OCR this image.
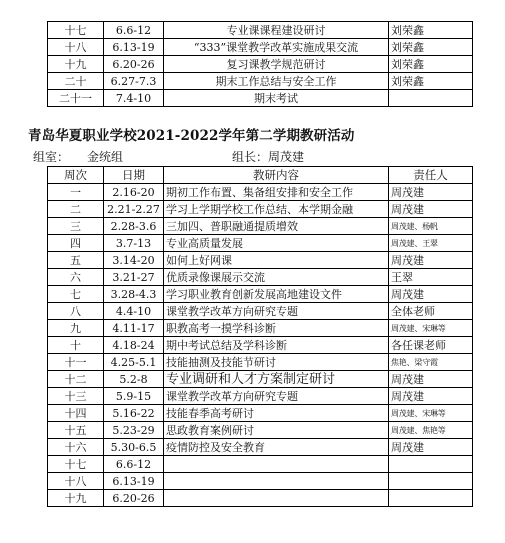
十七	6.6-12	专业课课程建设研讨	刘荣鑫
十八	6.13-19	“333”课堂教学改革实施成果交流	刘荣鑫
十九	6.20-26	复习课教学规范研讨	刘荣鑫
二十	6.27-7.3	期末工作总结与安全工作	刘荣鑫
二十一	7.4-10	期末考试	
青岛华夏职业学校2021-2022学年第二学期教研活动
组室： 金统组	组长：周茂建
周次	日期	教研内容	责任人
一	2.16-20	期初工作布置、集备组安排和安全工作	周茂建
二	2.21-2.27	学习上学期学校工作总结、本学期金融	周茂建
三	2.28-3.6	三加四、普职融通提质增效	周茂建、杨帆
四	3.7-13	专业高质量发展	周茂建、王翠
五	3.14-20	如何上好网课	周茂建
六	3.21-27	优质录像课展示交流	王翠
七	3.28-4.3	学习职业教育创新发展高地建设文件	周茂建
八	4.4-10	课堂教学改革方向研究专题	全体老师
九	4.11-17	职教高考一摸学科诊断	周茂建、宋琳等
十	4.18-24	期中考试总结及学科诊断	各任课老师
十一	4.25-5.1	技能抽测及技能节研讨	焦艳、梁守霞
十二	5.2-8	专业调研和人才方案制定研讨	周茂建
十三	5.9-15	课堂教学改革方向研究专题	周茂建
十四	5.16-22	技能春季高考研讨	周茂建、宋琳等
十五	5.23-29	思政教育案例研讨	周茂建、焦艳等
十六	5.30-6.5	疫情防控及安全教育	周茂建
十七	6.6-12		
十八	6.13-19		
十九	6.20-26		
